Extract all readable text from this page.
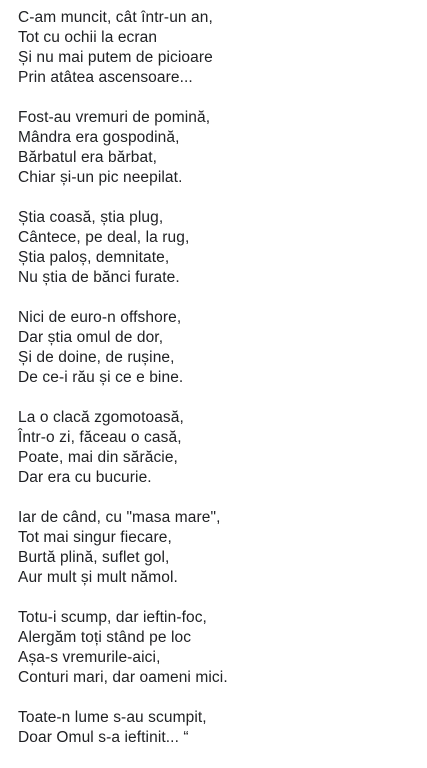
C-am muncit, cât într-un an,
Tot cu ochii la ecran
Și nu mai putem de picioare
Prin atâtea ascensoare...
Fost-au vremuri de pomină,
Mândra era gospodină,
Bărbatul era bărbat,
Chiar și-un pic neepilat.
Știa coasă, știa plug,
Cântece, pe deal, la rug,
Știa paloș, demnitate,
Nu știa de bănci furate.
Nici de euro-n offshore,
Dar știa omul de dor,
Și de doine, de rușine,
De ce-i rău și ce e bine.
La o clacă zgomotoasă,
Într-o zi, făceau o casă,
Poate, mai din sărăcie,
Dar era cu bucurie.
Iar de când, cu "masa mare",
Tot mai singur fiecare,
Burtă plină, suflet gol,
Aur mult și mult nămol.
Totu-i scump, dar ieftin-foc,
Alergăm toți stând pe loc
Așa-s vremurile-aici,
Conturi mari, dar oameni mici.
Toate-n lume s-au scumpit,
Doar Omul s-a ieftinit... “
